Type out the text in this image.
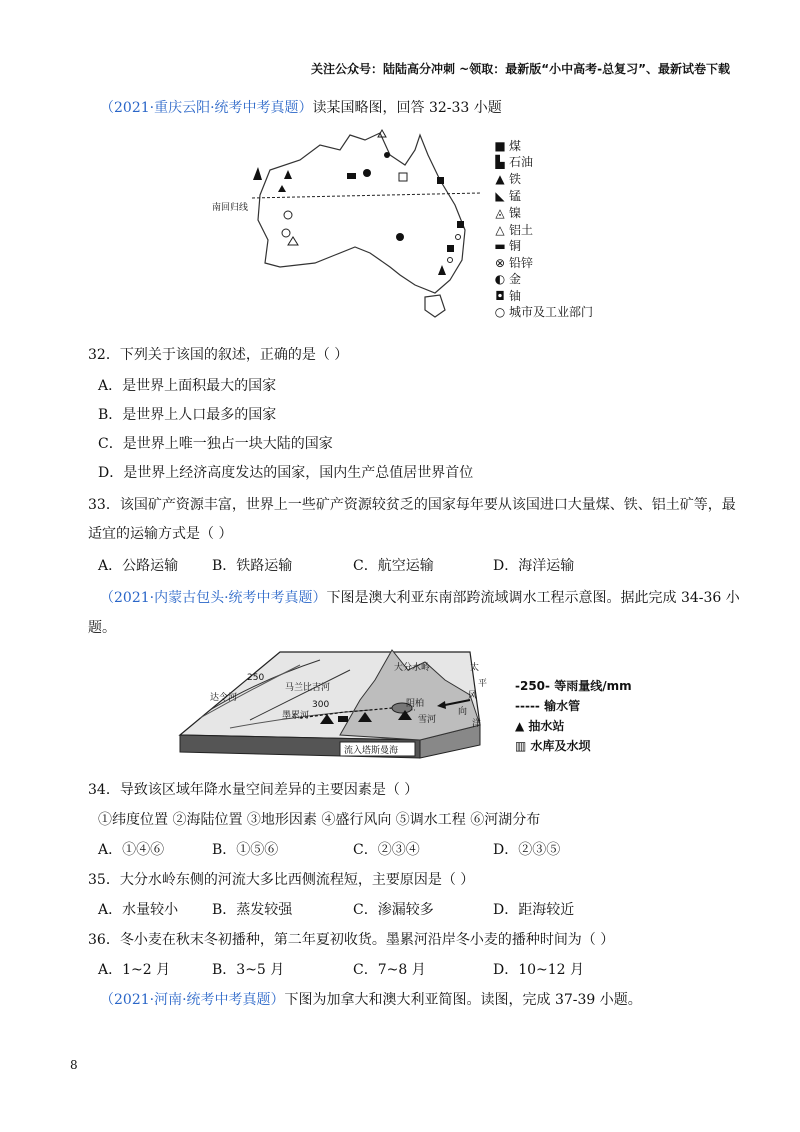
关注公众号：陆陆高分冲刺 ~领取：最新版“小中高考-总复习”、最新试卷下载
（2021·重庆云阳·统考中考真题）读某国略图，回答 32-33 小题
南回归线
■ 煤
▙ 石油
▲ 铁
◣ 锰
◬ 镍
△ 铝土
▬ 铜
⊗ 铅锌
◐ 金
◘ 铀
○ 城市及工业部门
32．下列关于该国的叙述，正确的是（ ）
A．是世界上面积最大的国家
B．是世界上人口最多的国家
C．是世界上唯一独占一块大陆的国家
D．是世界上经济高度发达的国家，国内生产总值居世界首位
33．该国矿产资源丰富，世界上一些矿产资源较贫乏的国家每年要从该国进口大量煤、铁、铝土矿等，最
适宜的运输方式是（ ）
A．公路运输 B．铁路运输	C．航空运输	D．海洋运输
（2021·内蒙古包头·统考中考真题）下图是澳大利亚东南部跨流域调水工程示意图。据此完成 34-36 小
题。
达令河
250
马兰比吉河
300
墨累河
大分水岭
雪河
阴柏
风
向
太
平
洋
流入塔斯曼海
-250- 等雨量线/mm
----- 输水管
▲ 抽水站
▥ 水库及水坝
34．导致该区域年降水量空间差异的主要因素是（ ）
①纬度位置 ②海陆位置 ③地形因素 ④盛行风向 ⑤调水工程 ⑥河湖分布
A．①④⑥	B．①⑤⑥	C．②③④	D．②③⑤
35．大分水岭东侧的河流大多比西侧流程短，主要原因是（ ）
A．水量较小 B．蒸发较强	C．渗漏较多	D．距海较近
36．冬小麦在秋末冬初播种，第二年夏初收货。墨累河沿岸冬小麦的播种时间为（ ）
A．1~2 月	B．3~5 月	C．7~8 月	D．10~12 月
（2021·河南·统考中考真题）下图为加拿大和澳大利亚简图。读图，完成 37-39 小题。
8
